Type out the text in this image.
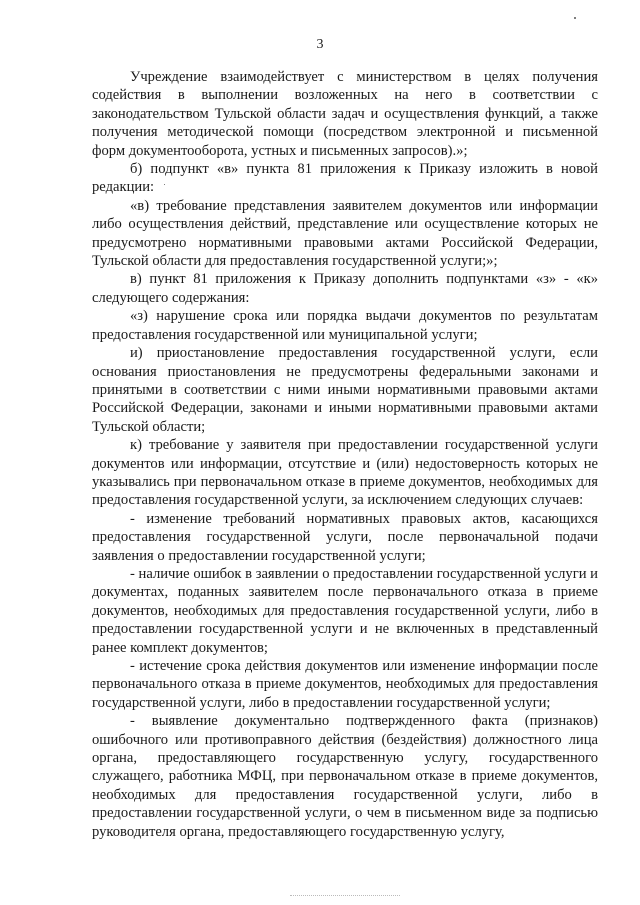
3

Учреждение взаимодействует с министерством в целях получения содействия в выполнении возложенных на него в соответствии с законодательством Тульской области задач и осуществления функций, а также получения методической помощи (посредством электронной и письменной форм документооборота, устных и письменных запросов).»;

б) подпункт «в» пункта 81 приложения к Приказу изложить в новой редакции:

«в) требование представления заявителем документов или информации либо осуществления действий, представление или осуществление которых не предусмотрено нормативными правовыми актами Российской Федерации, Тульской области для предоставления государственной услуги;»;

в) пункт 81 приложения к Приказу дополнить подпунктами «з» - «к» следующего содержания:

«з) нарушение срока или порядка выдачи документов по результатам предоставления государственной или муниципальной услуги;

и) приостановление предоставления государственной услуги, если основания приостановления не предусмотрены федеральными законами и принятыми в соответствии с ними иными нормативными правовыми актами Российской Федерации, законами и иными нормативными правовыми актами Тульской области;

к) требование у заявителя при предоставлении государственной услуги документов или информации, отсутствие и (или) недостоверность которых не указывались при первоначальном отказе в приеме документов, необходимых для предоставления государственной услуги, за исключением следующих случаев:

- изменение требований нормативных правовых актов, касающихся предоставления государственной услуги, после первоначальной подачи заявления о предоставлении государственной услуги;

- наличие ошибок в заявлении о предоставлении государственной услуги и документах, поданных заявителем после первоначального отказа в приеме документов, необходимых для предоставления государственной услуги, либо в предоставлении государственной услуги и не включенных в представленный ранее комплект документов;

- истечение срока действия документов или изменение информации после первоначального отказа в приеме документов, необходимых для предоставления государственной услуги, либо в предоставлении государственной услуги;

- выявление документально подтвержденного факта (признаков) ошибочного или противоправного действия (бездействия) должностного лица органа, предоставляющего государственную услугу, государственного служащего, работника МФЦ, при первоначальном отказе в приеме документов, необходимых для предоставления государственной услуги, либо в предоставлении государственной услуги, о чем в письменном виде за подписью руководителя органа, предоставляющего государственную услугу,
